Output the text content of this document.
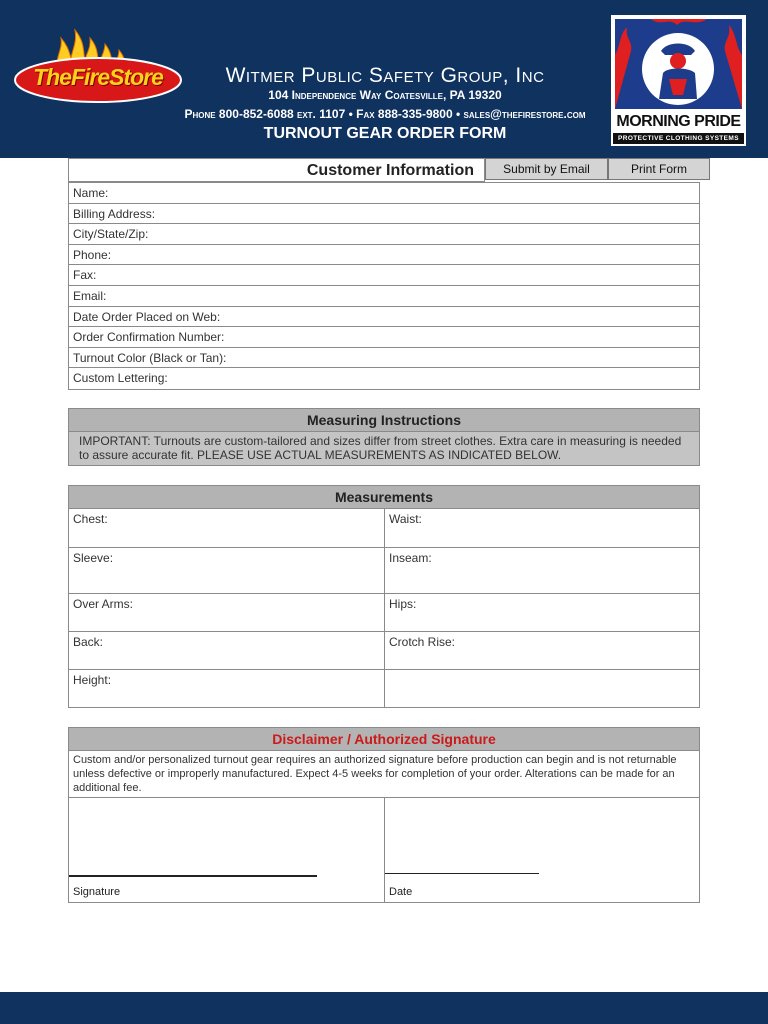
TheFireStore	Witmer Public Safety Group, Inc
104 Independence Way Coatesville, PA 19320
Phone 800-852-6088 ext. 1107 • Fax 888-335-9800 • sales@thefirestore.com
TURNOUT GEAR ORDER FORM
MORNING PRIDE
PROTECTIVE CLOTHING SYSTEMS
Customer Information	Submit by Email	Print Form
Name:
Billing Address:
City/State/Zip:
Phone:
Fax:
Email:
Date Order Placed on Web:
Order Confirmation Number:
Turnout Color (Black or Tan):
Custom Lettering:
Measuring Instructions
IMPORTANT: Turnouts are custom-tailored and sizes differ from street clothes. Extra care in measuring is needed to assure accurate fit. PLEASE USE ACTUAL MEASUREMENTS AS INDICATED BELOW.
Measurements
Chest:	Waist:
Sleeve:	Inseam:
Over Arms:	Hips:
Back:	Crotch Rise:
Height:
Disclaimer / Authorized Signature
Custom and/or personalized turnout gear requires an authorized signature before production can begin and is not returnable unless defective or improperly manufactured. Expect 4-5 weeks for completion of your order. Alterations can be made for an additional fee.
Signature	Date
